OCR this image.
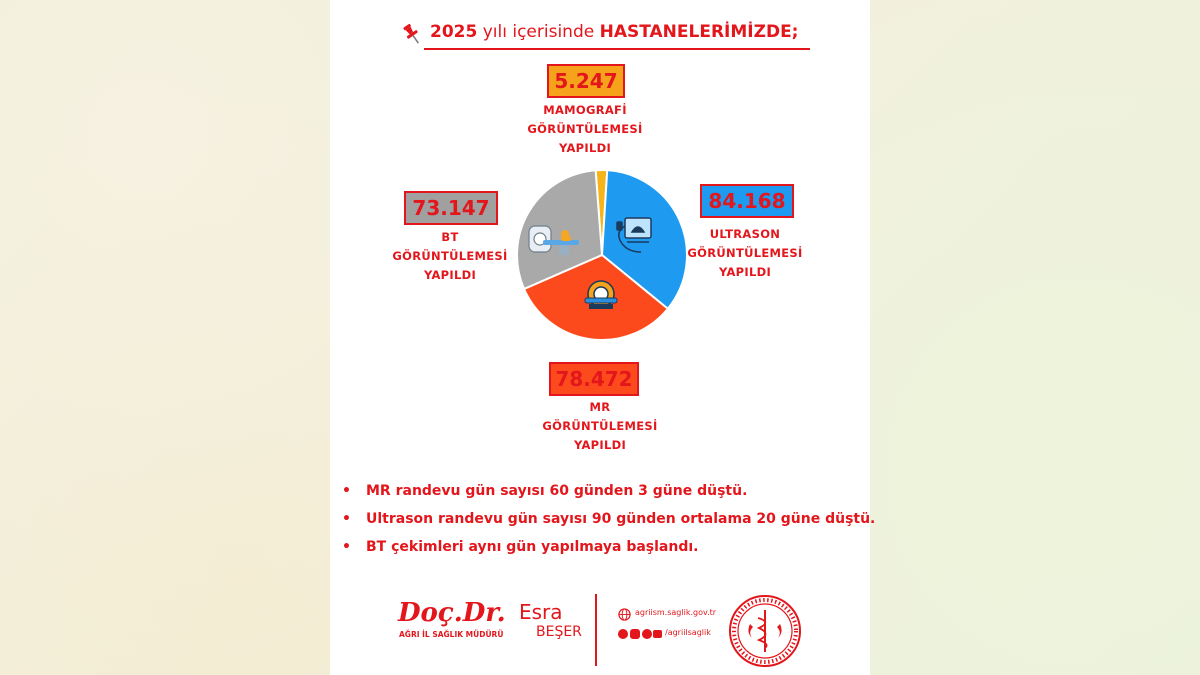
2025 yılı içerisinde HASTANELERİMİZDE;
5.247
84.168
78.472
73.147
MAMOGRAFİ
GÖRÜNTÜLEMESİ
YAPILDI
ULTRASON
GÖRÜNTÜLEMESİ
YAPILDI
MR
GÖRÜNTÜLEMESİ
YAPILDI
BT
GÖRÜNTÜLEMESİ
YAPILDI
• MR randevu gün sayısı 60 günden 3 güne düştü.
• Ultrason randevu gün sayısı 90 günden ortalama 20 güne düştü.
• BT çekimleri aynı gün yapılmaya başlandı.
Doç.Dr. Esra
BEŞER
AĞRI İL SAĞLIK MÜDÜRÜ
agriism.saglik.gov.tr
/agriilsaglik
